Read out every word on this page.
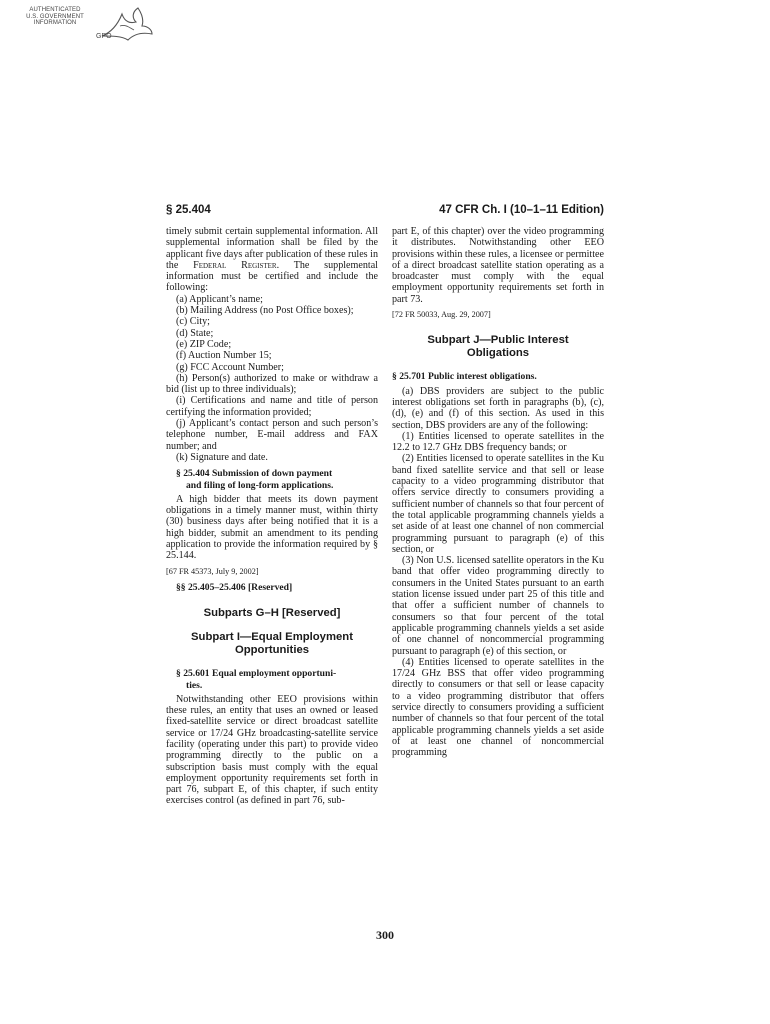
AUTHENTICATED
U.S. GOVERNMENT
INFORMATION
GPO
§ 25.404	47 CFR Ch. I (10–1–11 Edition)

timely submit certain supplemental information. All supplemental information shall be filed by the applicant five days after publication of these rules in the Federal Register. The supplemental information must be certified and include the following:

(a) Applicant’s name;

(b) Mailing Address (no Post Office boxes);

(c) City;

(d) State;

(e) ZIP Code;

(f) Auction Number 15;

(g) FCC Account Number;

(h) Person(s) authorized to make or withdraw a bid (list up to three individuals);

(i) Certifications and name and title of person certifying the information provided;

(j) Applicant’s contact person and such person’s telephone number, E-mail address and FAX number; and

(k) Signature and date.

§ 25.404 Submission of down payment
and filing of long-form applications.

A high bidder that meets its down payment obligations in a timely manner must, within thirty (30) business days after being notified that it is a high bidder, submit an amendment to its pending application to provide the information required by § 25.144.

[67 FR 45373, July 9, 2002]

§§ 25.405–25.406 [Reserved]
Subparts G–H [Reserved]
Subpart I—Equal Employment
Opportunities
§ 25.601 Equal employment opportuni-
ties.

Notwithstanding other EEO provisions within these rules, an entity that uses an owned or leased fixed-satellite service or direct broadcast satellite service or 17/24 GHz broadcasting-satellite service facility (operating under this part) to provide video programming directly to the public on a subscription basis must comply with the equal employment opportunity requirements set forth in part 76, subpart E, of this chapter, if such entity exercises control (as defined in part 76, sub-

part E, of this chapter) over the video programming it distributes. Notwithstanding other EEO provisions within these rules, a licensee or permittee of a direct broadcast satellite station operating as a broadcaster must comply with the equal employment opportunity requirements set forth in part 73.

[72 FR 50033, Aug. 29, 2007]

Subpart J—Public Interest
Obligations
§ 25.701 Public interest obligations.

(a) DBS providers are subject to the public interest obligations set forth in paragraphs (b), (c), (d), (e) and (f) of this section. As used in this section, DBS providers are any of the following:

(1) Entities licensed to operate satellites in the 12.2 to 12.7 GHz DBS frequency bands; or

(2) Entities licensed to operate satellites in the Ku band fixed satellite service and that sell or lease capacity to a video programming distributor that offers service directly to consumers providing a sufficient number of channels so that four percent of the total applicable programming channels yields a set aside of at least one channel of non commercial programming pursuant to paragraph (e) of this section, or

(3) Non U.S. licensed satellite operators in the Ku band that offer video programming directly to consumers in the United States pursuant to an earth station license issued under part 25 of this title and that offer a sufficient number of channels to consumers so that four percent of the total applicable programming channels yields a set aside of one channel of noncommercial programming pursuant to paragraph (e) of this section, or

(4) Entities licensed to operate satellites in the 17/24 GHz BSS that offer video programming directly to consumers or that sell or lease capacity to a video programming distributor that offers service directly to consumers providing a sufficient number of channels so that four percent of the total applicable programming channels yields a set aside of at least one channel of noncommercial programming

300
